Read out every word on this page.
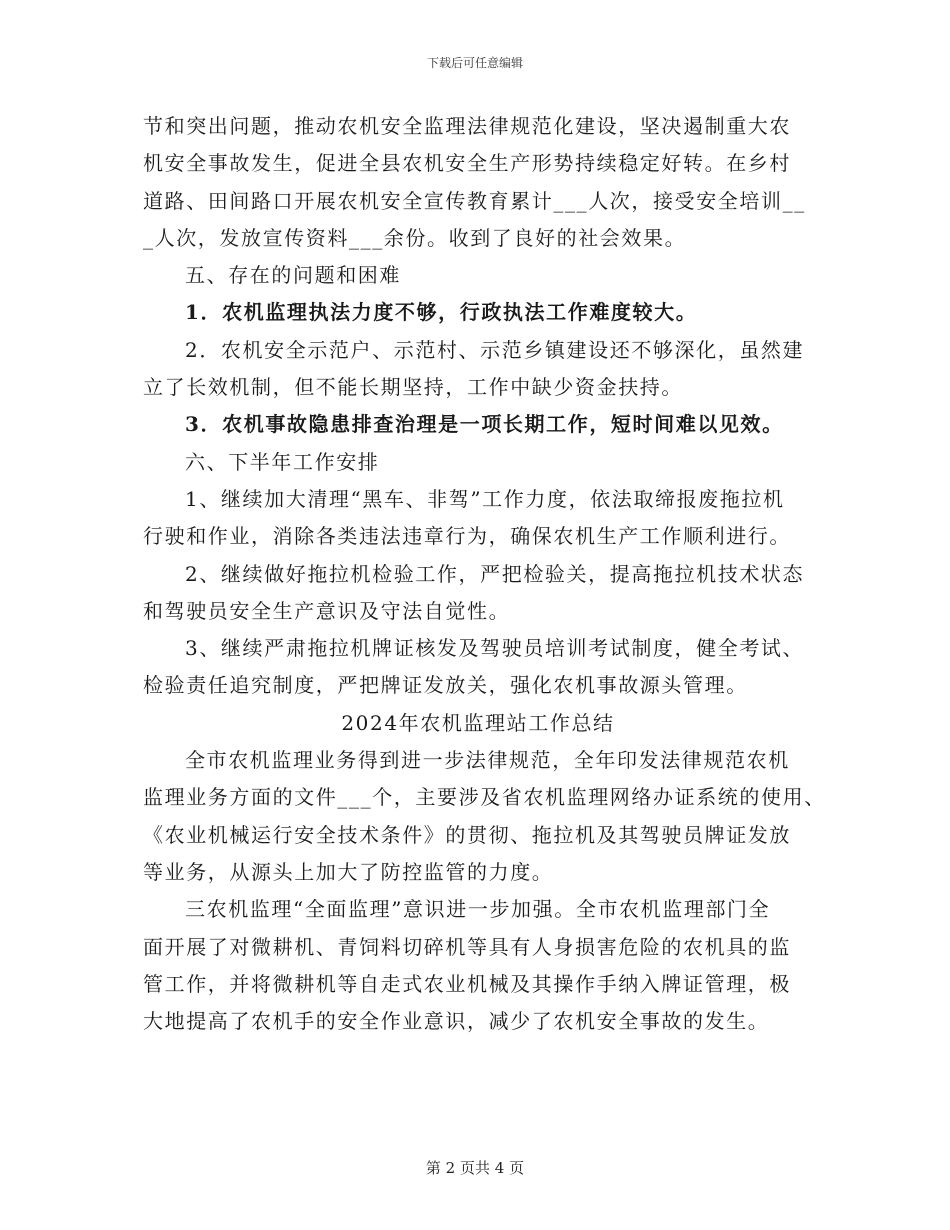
下载后可任意编辑
节和突出问题，推动农机安全监理法律规范化建设，坚决遏制重大农
机安全事故发生，促进全县农机安全生产形势持续稳定好转。在乡村
道路、田间路口开展农机安全宣传教育累计___人次，接受安全培训__
_人次，发放宣传资料___余份。收到了良好的社会效果。
五、存在的问题和困难
1．农机监理执法力度不够，行政执法工作难度较大。
2．农机安全示范户、示范村、示范乡镇建设还不够深化，虽然建
立了长效机制，但不能长期坚持，工作中缺少资金扶持。
3．农机事故隐患排查治理是一项长期工作，短时间难以见效。
六、下半年工作安排
1、继续加大清理“黑车、非驾”工作力度，依法取缔报废拖拉机
行驶和作业，消除各类违法违章行为，确保农机生产工作顺利进行。
2、继续做好拖拉机检验工作，严把检验关，提高拖拉机技术状态
和驾驶员安全生产意识及守法自觉性。
3、继续严肃拖拉机牌证核发及驾驶员培训考试制度，健全考试、
检验责任追究制度，严把牌证发放关，强化农机事故源头管理。
2024年农机监理站工作总结
全市农机监理业务得到进一步法律规范，全年印发法律规范农机
监理业务方面的文件___个，主要涉及省农机监理网络办证系统的使用、
《农业机械运行安全技术条件》的贯彻、拖拉机及其驾驶员牌证发放
等业务，从源头上加大了防控监管的力度。
三农机监理“全面监理”意识进一步加强。全市农机监理部门全
面开展了对微耕机、青饲料切碎机等具有人身损害危险的农机具的监
管工作，并将微耕机等自走式农业机械及其操作手纳入牌证管理，极
大地提高了农机手的安全作业意识，减少了农机安全事故的发生。
第 2 页共 4 页
